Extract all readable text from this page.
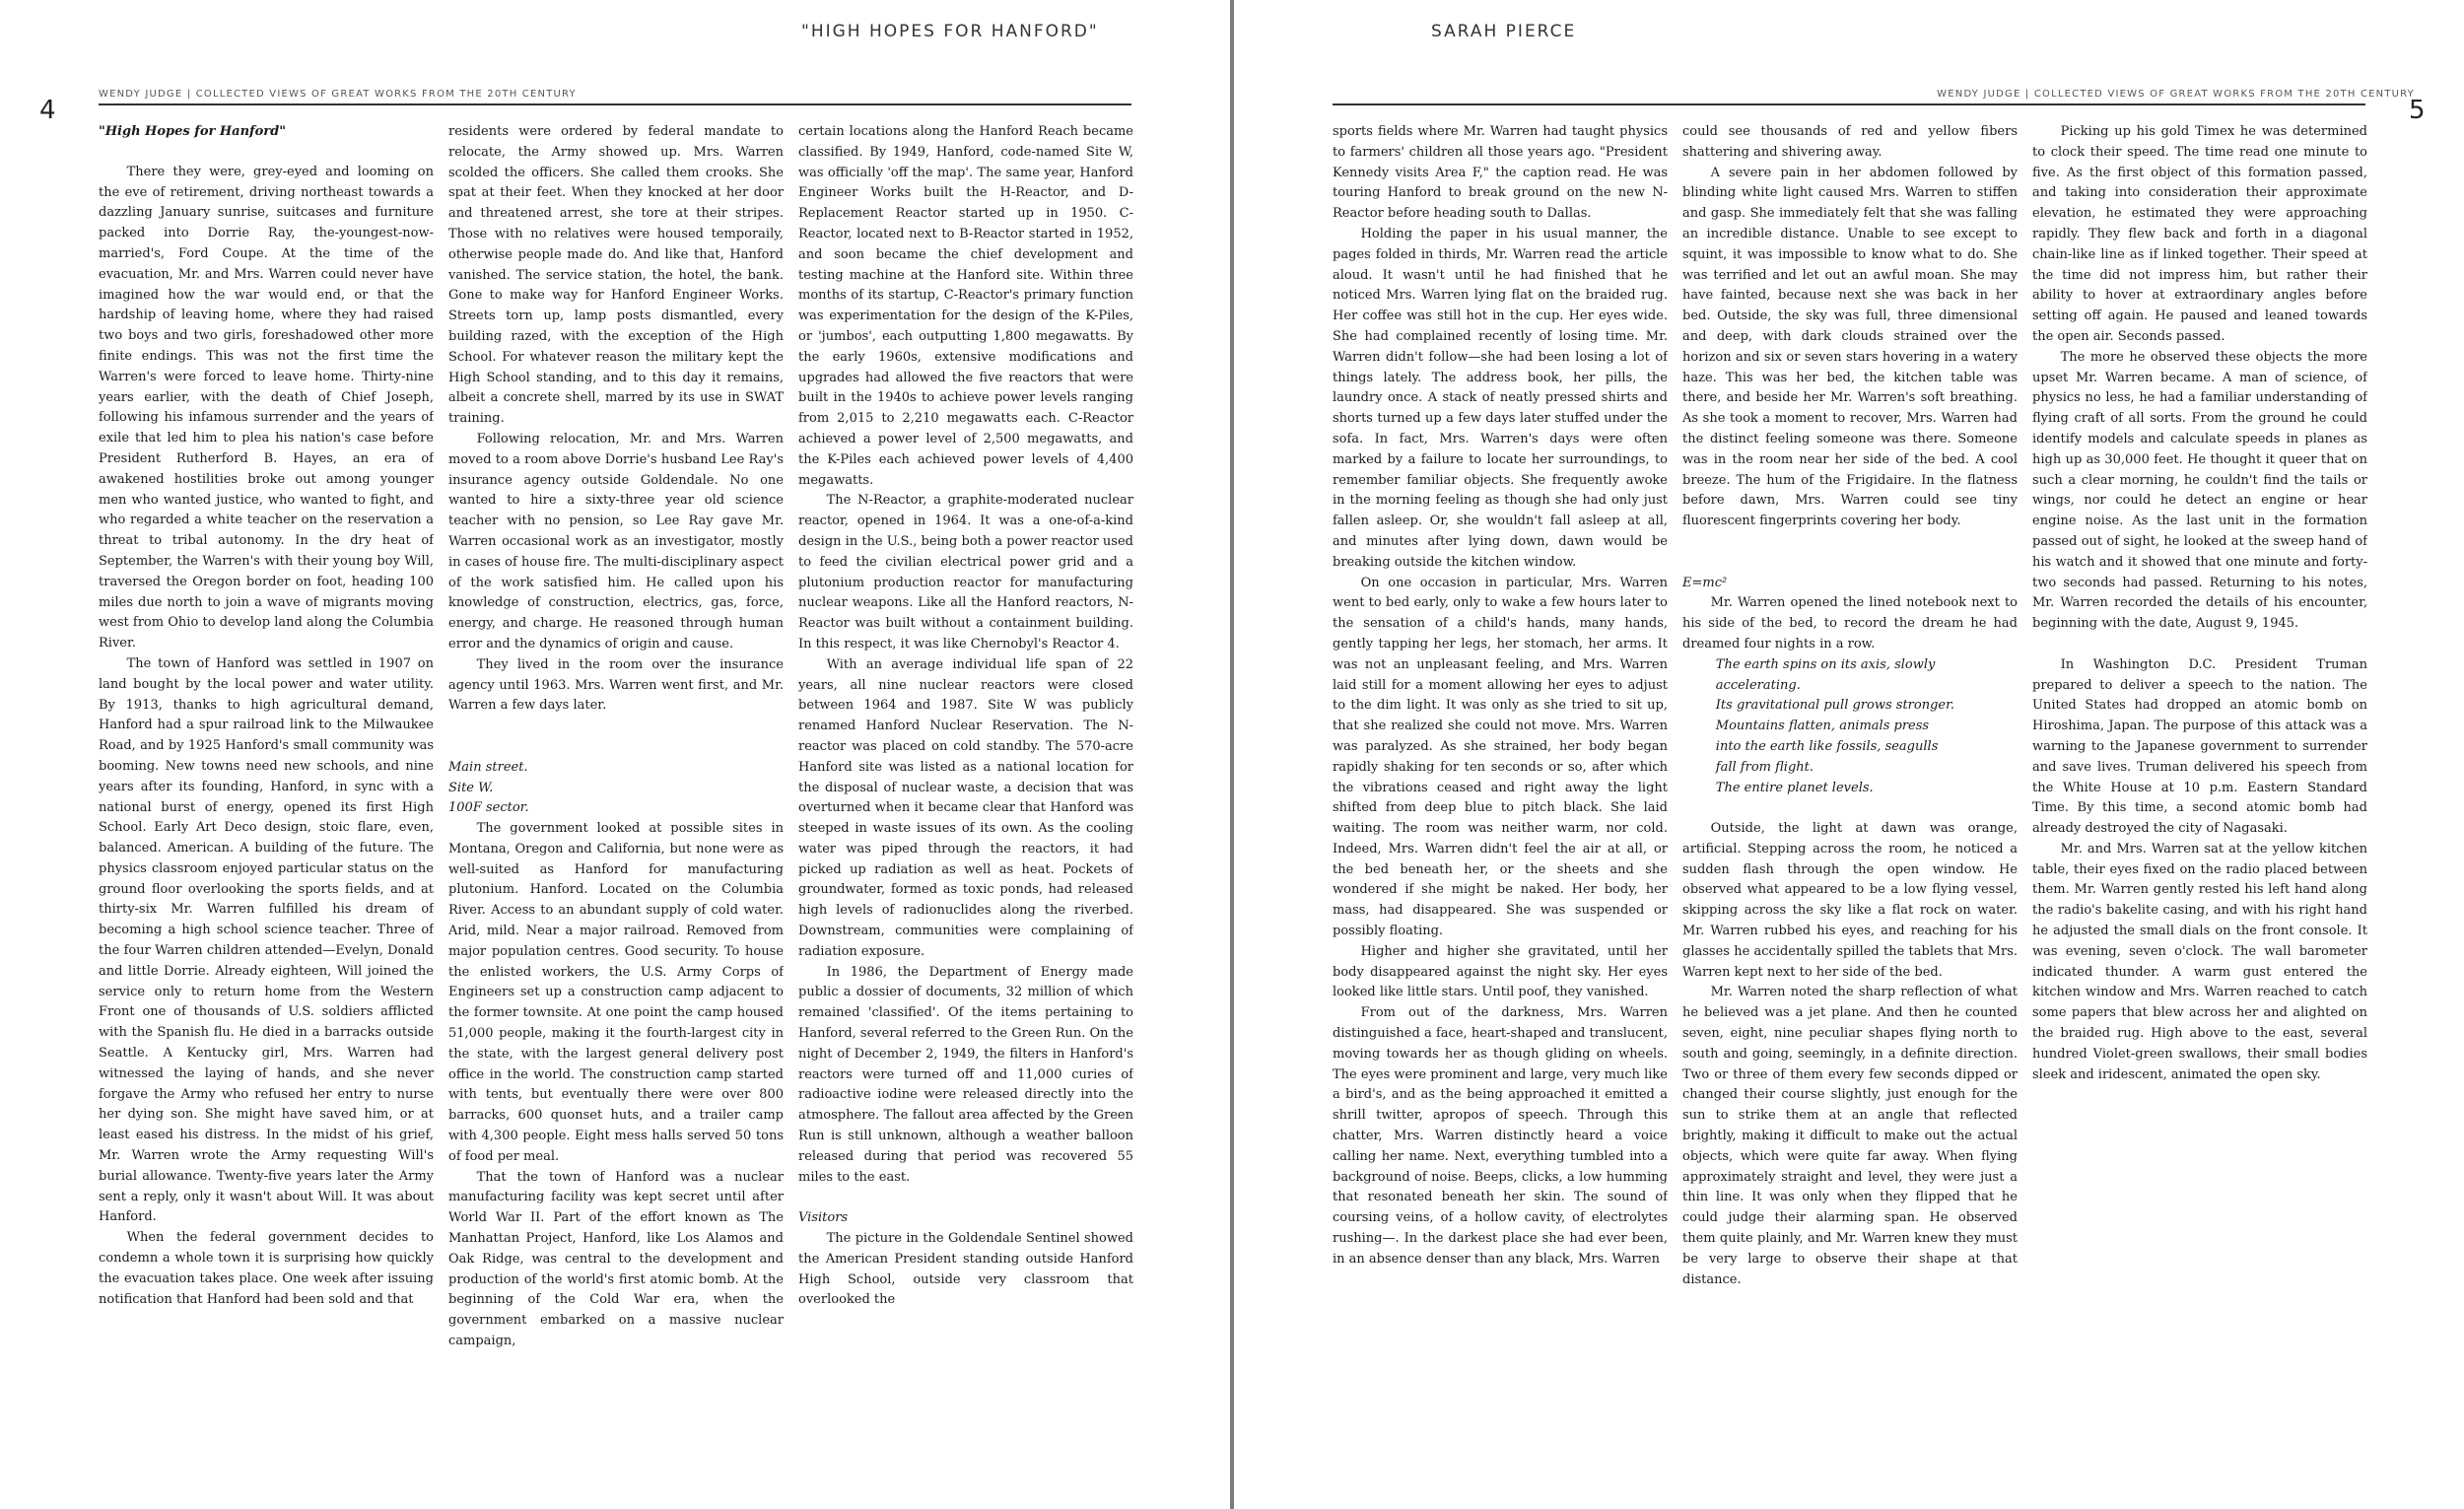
"HIGH HOPES FOR HANFORD"
WENDY JUDGE | COLLECTED VIEWS OF GREAT WORKS FROM THE 20TH CENTURY
4

"High Hopes for Hanford"

There they were, grey-eyed and looming on the eve of retirement, driving northeast towards a dazzling January sunrise, suitcases and furniture packed into Dorrie Ray, the-youngest-now-married's, Ford Coupe. At the time of the evacuation, Mr. and Mrs. Warren could never have imagined how the war would end, or that the hardship of leaving home, where they had raised two boys and two girls, foreshadowed other more finite endings. This was not the first time the Warren's were forced to leave home. Thirty-nine years earlier, with the death of Chief Joseph, following his infamous surrender and the years of exile that led him to plea his nation's case before President Rutherford B. Hayes, an era of awakened hostilities broke out among younger men who wanted justice, who wanted to fight, and who regarded a white teacher on the reservation a threat to tribal autonomy. In the dry heat of September, the Warren's with their young boy Will, traversed the Oregon border on foot, heading 100 miles due north to join a wave of migrants moving west from Ohio to develop land along the Columbia River.

The town of Hanford was settled in 1907 on land bought by the local power and water utility. By 1913, thanks to high agricultural demand, Hanford had a spur railroad link to the Milwaukee Road, and by 1925 Hanford's small community was booming. New towns need new schools, and nine years after its founding, Hanford, in sync with a national burst of energy, opened its first High School. Early Art Deco design, stoic flare, even, balanced. American. A building of the future. The physics classroom enjoyed particular status on the ground floor overlooking the sports fields, and at thirty-six Mr. Warren fulfilled his dream of becoming a high school science teacher. Three of the four Warren children attended—Evelyn, Donald and little Dorrie. Already eighteen, Will joined the service only to return home from the Western Front one of thousands of U.S. soldiers afflicted with the Spanish flu. He died in a barracks outside Seattle. A Kentucky girl, Mrs. Warren had witnessed the laying of hands, and she never forgave the Army who refused her entry to nurse her dying son. She might have saved him, or at least eased his distress. In the midst of his grief, Mr. Warren wrote the Army requesting Will's burial allowance. Twenty-five years later the Army sent a reply, only it wasn't about Will. It was about Hanford.

When the federal government decides to condemn a whole town it is surprising how quickly the evacuation takes place. One week after issuing notification that Hanford had been sold and that

residents were ordered by federal mandate to relocate, the Army showed up. Mrs. Warren scolded the officers. She called them crooks. She spat at their feet. When they knocked at her door and threatened arrest, she tore at their stripes. Those with no relatives were housed temporaily, otherwise people made do. And like that, Hanford vanished. The service station, the hotel, the bank. Gone to make way for Hanford Engineer Works. Streets torn up, lamp posts dismantled, every building razed, with the exception of the High School. For whatever reason the military kept the High School standing, and to this day it remains, albeit a concrete shell, marred by its use in SWAT training.

Following relocation, Mr. and Mrs. Warren moved to a room above Dorrie's husband Lee Ray's insurance agency outside Goldendale. No one wanted to hire a sixty-three year old science teacher with no pension, so Lee Ray gave Mr. Warren occasional work as an investigator, mostly in cases of house fire. The multi-disciplinary aspect of the work satisfied him. He called upon his knowledge of construction, electrics, gas, force, energy, and charge. He reasoned through human error and the dynamics of origin and cause.

They lived in the room over the insurance agency until 1963. Mrs. Warren went first, and Mr. Warren a few days later.

Main street.

Site W.

100F sector.

The government looked at possible sites in Montana, Oregon and California, but none were as well-suited as Hanford for manufacturing plutonium. Hanford. Located on the Columbia River. Access to an abundant supply of cold water. Arid, mild. Near a major railroad. Removed from major population centres. Good security. To house the enlisted workers, the U.S. Army Corps of Engineers set up a construction camp adjacent to the former townsite. At one point the camp housed 51,000 people, making it the fourth-largest city in the state, with the largest general delivery post office in the world. The construction camp started with tents, but eventually there were over 800 barracks, 600 quonset huts, and a trailer camp with 4,300 people. Eight mess halls served 50 tons of food per meal.

That the town of Hanford was a nuclear manufacturing facility was kept secret until after World War II. Part of the effort known as The Manhattan Project, Hanford, like Los Alamos and Oak Ridge, was central to the development and production of the world's first atomic bomb. At the beginning of the Cold War era, when the government embarked on a massive nuclear campaign,

certain locations along the Hanford Reach became classified. By 1949, Hanford, code-named Site W, was officially 'off the map'. The same year, Hanford Engineer Works built the H-Reactor, and D-Replacement Reactor started up in 1950. C-Reactor, located next to B-Reactor started in 1952, and soon became the chief development and testing machine at the Hanford site. Within three months of its startup, C-Reactor's primary function was experimentation for the design of the K-Piles, or 'jumbos', each outputting 1,800 megawatts. By the early 1960s, extensive modifications and upgrades had allowed the five reactors that were built in the 1940s to achieve power levels ranging from 2,015 to 2,210 megawatts each. C-Reactor achieved a power level of 2,500 megawatts, and the K-Piles each achieved power levels of 4,400 megawatts.

The N-Reactor, a graphite-moderated nuclear reactor, opened in 1964. It was a one-of-a-kind design in the U.S., being both a power reactor used to feed the civilian electrical power grid and a plutonium production reactor for manufacturing nuclear weapons. Like all the Hanford reactors, N-Reactor was built without a containment building. In this respect, it was like Chernobyl's Reactor 4.

With an average individual life span of 22 years, all nine nuclear reactors were closed between 1964 and 1987. Site W was publicly renamed Hanford Nuclear Reservation. The N-reactor was placed on cold standby. The 570-acre Hanford site was listed as a national location for the disposal of nuclear waste, a decision that was overturned when it became clear that Hanford was steeped in waste issues of its own. As the cooling water was piped through the reactors, it had picked up radiation as well as heat. Pockets of groundwater, formed as toxic ponds, had released high levels of radionuclides along the riverbed. Downstream, communities were complaining of radiation exposure.

In 1986, the Department of Energy made public a dossier of documents, 32 million of which remained 'classified'. Of the items pertaining to Hanford, several referred to the Green Run. On the night of December 2, 1949, the filters in Hanford's reactors were turned off and 11,000 curies of radioactive iodine were released directly into the atmosphere. The fallout area affected by the Green Run is still unknown, although a weather balloon released during that period was recovered 55 miles to the east.

Visitors

The picture in the Goldendale Sentinel showed the American President standing outside Hanford High School, outside very classroom that overlooked the

SARAH PIERCE
WENDY JUDGE | COLLECTED VIEWS OF GREAT WORKS FROM THE 20TH CENTURY
5

sports fields where Mr. Warren had taught physics to farmers' children all those years ago. "President Kennedy visits Area F," the caption read. He was touring Hanford to break ground on the new N-Reactor before heading south to Dallas.

Holding the paper in his usual manner, the pages folded in thirds, Mr. Warren read the article aloud. It wasn't until he had finished that he noticed Mrs. Warren lying flat on the braided rug. Her coffee was still hot in the cup. Her eyes wide. She had complained recently of losing time. Mr. Warren didn't follow—she had been losing a lot of things lately. The address book, her pills, the laundry once. A stack of neatly pressed shirts and shorts turned up a few days later stuffed under the sofa. In fact, Mrs. Warren's days were often marked by a failure to locate her surroundings, to remember familiar objects. She frequently awoke in the morning feeling as though she had only just fallen asleep. Or, she wouldn't fall asleep at all, and minutes after lying down, dawn would be breaking outside the kitchen window.

On one occasion in particular, Mrs. Warren went to bed early, only to wake a few hours later to the sensation of a child's hands, many hands, gently tapping her legs, her stomach, her arms. It was not an unpleasant feeling, and Mrs. Warren laid still for a moment allowing her eyes to adjust to the dim light. It was only as she tried to sit up, that she realized she could not move. Mrs. Warren was paralyzed. As she strained, her body began rapidly shaking for ten seconds or so, after which the vibrations ceased and right away the light shifted from deep blue to pitch black. She laid waiting. The room was neither warm, nor cold. Indeed, Mrs. Warren didn't feel the air at all, or the bed beneath her, or the sheets and she wondered if she might be naked. Her body, her mass, had disappeared. She was suspended or possibly floating.

Higher and higher she gravitated, until her body disappeared against the night sky. Her eyes looked like little stars. Until poof, they vanished.

From out of the darkness, Mrs. Warren distinguished a face, heart-shaped and translucent, moving towards her as though gliding on wheels. The eyes were prominent and large, very much like a bird's, and as the being approached it emitted a shrill twitter, apropos of speech. Through this chatter, Mrs. Warren distinctly heard a voice calling her name. Next, everything tumbled into a background of noise. Beeps, clicks, a low humming that resonated beneath her skin. The sound of coursing veins, of a hollow cavity, of electrolytes rushing—. In the darkest place she had ever been, in an absence denser than any black, Mrs. Warren

could see thousands of red and yellow fibers shattering and shivering away.

A severe pain in her abdomen followed by blinding white light caused Mrs. Warren to stiffen and gasp. She immediately felt that she was falling an incredible distance. Unable to see except to squint, it was impossible to know what to do. She was terrified and let out an awful moan. She may have fainted, because next she was back in her bed. Outside, the sky was full, three dimensional and deep, with dark clouds strained over the horizon and six or seven stars hovering in a watery haze. This was her bed, the kitchen table was there, and beside her Mr. Warren's soft breathing. As she took a moment to recover, Mrs. Warren had the distinct feeling someone was there. Someone was in the room near her side of the bed. A cool breeze. The hum of the Frigidaire. In the flatness before dawn, Mrs. Warren could see tiny fluorescent fingerprints covering her body.

E=mc²

Mr. Warren opened the lined notebook next to his side of the bed, to record the dream he had dreamed four nights in a row.

The earth spins on its axis, slowly

accelerating.

Its gravitational pull grows stronger.

Mountains flatten, animals press

into the earth like fossils, seagulls

fall from flight.

The entire planet levels.

Outside, the light at dawn was orange, artificial. Stepping across the room, he noticed a sudden flash through the open window. He observed what appeared to be a low flying vessel, skipping across the sky like a flat rock on water. Mr. Warren rubbed his eyes, and reaching for his glasses he accidentally spilled the tablets that Mrs. Warren kept next to her side of the bed.

Mr. Warren noted the sharp reflection of what he believed was a jet plane. And then he counted seven, eight, nine peculiar shapes flying north to south and going, seemingly, in a definite direction. Two or three of them every few seconds dipped or changed their course slightly, just enough for the sun to strike them at an angle that reflected brightly, making it difficult to make out the actual objects, which were quite far away. When flying approximately straight and level, they were just a thin line. It was only when they flipped that he could judge their alarming span. He observed them quite plainly, and Mr. Warren knew they must be very large to observe their shape at that distance.

Picking up his gold Timex he was determined to clock their speed. The time read one minute to five. As the first object of this formation passed, and taking into consideration their approximate elevation, he estimated they were approaching rapidly. They flew back and forth in a diagonal chain-like line as if linked together. Their speed at the time did not impress him, but rather their ability to hover at extraordinary angles before setting off again. He paused and leaned towards the open air. Seconds passed.

The more he observed these objects the more upset Mr. Warren became. A man of science, of physics no less, he had a familiar understanding of flying craft of all sorts. From the ground he could identify models and calculate speeds in planes as high up as 30,000 feet. He thought it queer that on such a clear morning, he couldn't find the tails or wings, nor could he detect an engine or hear engine noise. As the last unit in the formation passed out of sight, he looked at the sweep hand of his watch and it showed that one minute and forty-two seconds had passed. Returning to his notes, Mr. Warren recorded the details of his encounter, beginning with the date, August 9, 1945.

In Washington D.C. President Truman prepared to deliver a speech to the nation. The United States had dropped an atomic bomb on Hiroshima, Japan. The purpose of this attack was a warning to the Japanese government to surrender and save lives. Truman delivered his speech from the White House at 10 p.m. Eastern Standard Time. By this time, a second atomic bomb had already destroyed the city of Nagasaki.

Mr. and Mrs. Warren sat at the yellow kitchen table, their eyes fixed on the radio placed between them. Mr. Warren gently rested his left hand along the radio's bakelite casing, and with his right hand he adjusted the small dials on the front console. It was evening, seven o'clock. The wall barometer indicated thunder. A warm gust entered the kitchen window and Mrs. Warren reached to catch some papers that blew across her and alighted on the braided rug. High above to the east, several hundred Violet-green swallows, their small bodies sleek and iridescent, animated the open sky.
